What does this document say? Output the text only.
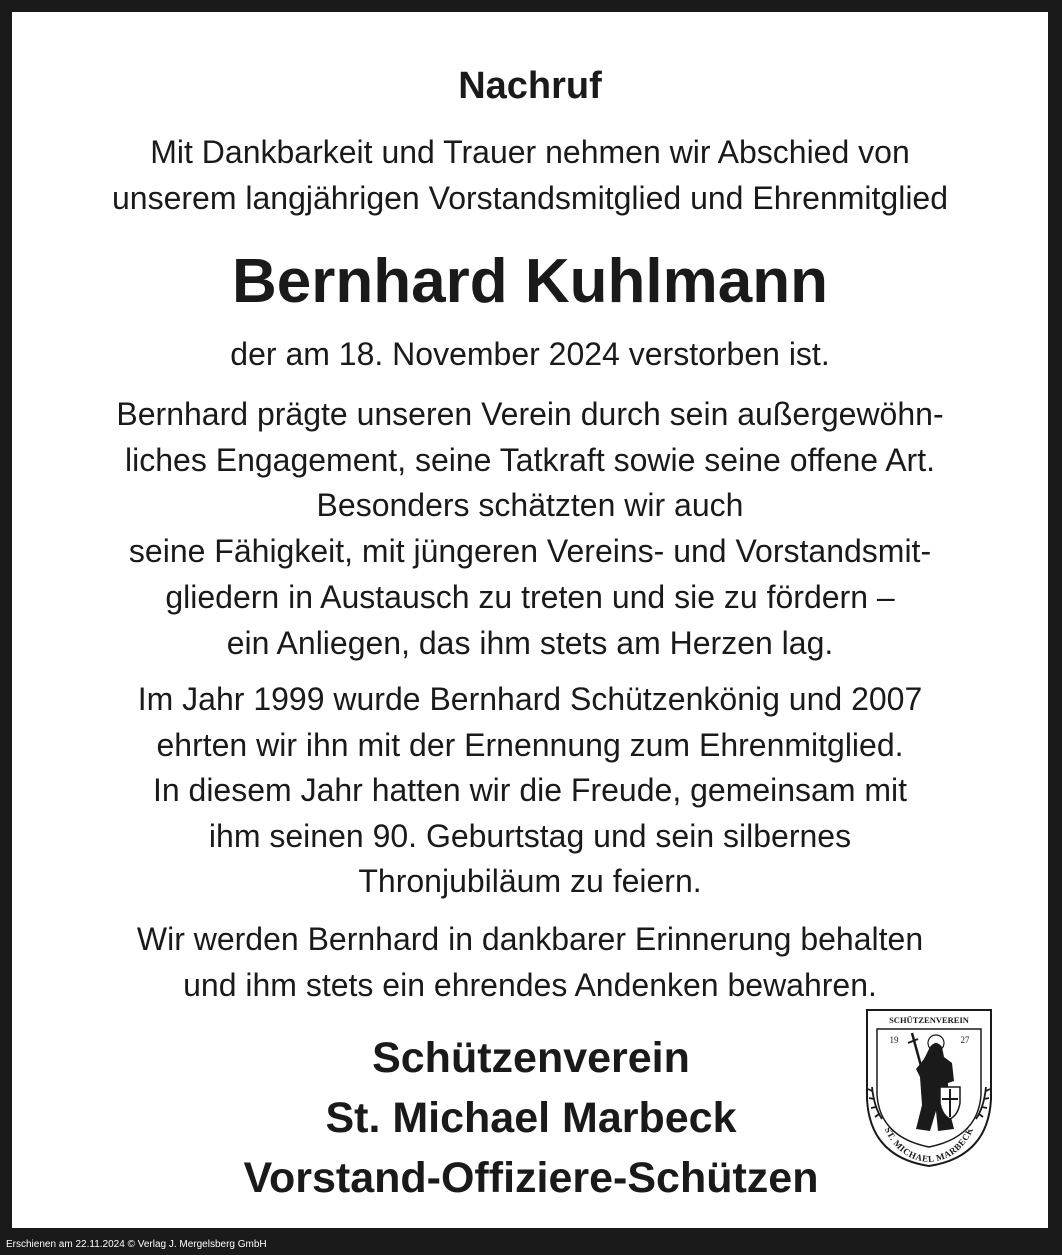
Nachruf
Mit Dankbarkeit und Trauer nehmen wir Abschied von
unserem langjährigen Vorstandsmitglied und Ehrenmitglied
Bernhard Kuhlmann
der am 18. November 2024 verstorben ist.
Bernhard prägte unseren Verein durch sein außergewöhn-
liches Engagement, seine Tatkraft sowie seine offene Art.
Besonders schätzten wir auch
seine Fähigkeit, mit jüngeren Vereins- und Vorstandsmit-
gliedern in Austausch zu treten und sie zu fördern –
ein Anliegen, das ihm stets am Herzen lag.
Im Jahr 1999 wurde Bernhard Schützenkönig und 2007
ehrten wir ihn mit der Ernennung zum Ehrenmitglied.
In diesem Jahr hatten wir die Freude, gemeinsam mit
ihm seinen 90. Geburtstag und sein silbernes
Thronjubiläum zu feiern.
Wir werden Bernhard in dankbarer Erinnerung behalten
und ihm stets ein ehrendes Andenken bewahren.
Schützenverein
St. Michael Marbeck
Vorstand-Offiziere-Schützen
SCHÜTZENVEREIN
19	27
ST. MICHAEL MARBECK
Erschienen am 22.11.2024 © Verlag J. Mergelsberg GmbH
